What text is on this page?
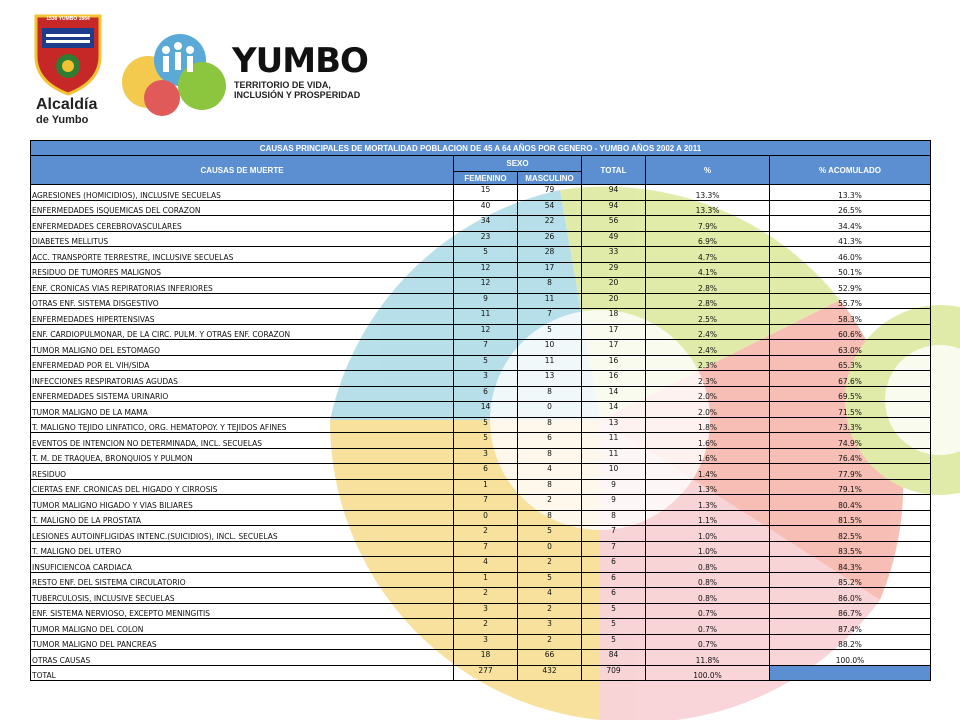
1536 YUMBO 1864
Alcaldía
de Yumbo
YUMBO
TERRITORIO DE VIDA,
INCLUSIÓN Y PROSPERIDAD
CAUSAS PRINCIPALES DE MORTALIDAD POBLACION DE 45 A 64 AÑOS POR GENERO - YUMBO AÑOS 2002 A 2011					
CAUSAS DE MUERTE	SEXO		TOTAL	%	% ACOMULADO
	FEMENINO	MASCULINO			
AGRESIONES (HOMICIDIOS), INCLUSIVE SECUELAS	15	79	94	13.3%	13.3%
ENFERMEDADES ISQUEMICAS DEL CORAZON	40	54	94	13.3%	26.5%
ENFERMEDADES CEREBROVASCULARES	34	22	56	7.9%	34.4%
DIABETES MELLITUS	23	26	49	6.9%	41.3%
ACC. TRANSPORTE TERRESTRE, INCLUSIVE SECUELAS	5	28	33	4.7%	46.0%
RESIDUO DE TUMORES MALIGNOS	12	17	29	4.1%	50.1%
ENF. CRONICAS VIAS REPIRATORIAS INFERIORES	12	8	20	2.8%	52.9%
OTRAS ENF. SISTEMA DISGESTIVO	9	11	20	2.8%	55.7%
ENFERMEDADES HIPERTENSIVAS	11	7	18	2.5%	58.3%
ENF. CARDIOPULMONAR, DE LA CIRC. PULM. Y OTRAS ENF. CORAZON	12	5	17	2.4%	60.6%
TUMOR MALIGNO DEL ESTOMAGO	7	10	17	2.4%	63.0%
ENFERMEDAD POR EL VIH/SIDA	5	11	16	2.3%	65.3%
INFECCIONES RESPIRATORIAS AGUDAS	3	13	16	2.3%	67.6%
ENFERMEDADES SISTEMA URINARIO	6	8	14	2.0%	69.5%
TUMOR MALIGNO DE LA MAMA	14	0	14	2.0%	71.5%
T. MALIGNO TEJIDO LINFATICO, ORG. HEMATOPOY. Y TEJIDOS AFINES	5	8	13	1.8%	73.3%
EVENTOS DE INTENCION NO DETERMINADA, INCL. SECUELAS	5	6	11	1.6%	74.9%
T. M. DE TRAQUEA, BRONQUIOS Y PULMON	3	8	11	1.6%	76.4%
RESIDUO	6	4	10	1.4%	77.9%
CIERTAS ENF. CRONICAS DEL HIGADO Y CIRROSIS	1	8	9	1.3%	79.1%
TUMOR MALIGNO HIGADO Y VIAS BILIARES	7	2	9	1.3%	80.4%
T. MALIGNO DE LA PROSTATA	0	8	8	1.1%	81.5%
LESIONES AUTOINFLIGIDAS INTENC.(SUICIDIOS), INCL. SECUELAS	2	5	7	1.0%	82.5%
T. MALIGNO DEL UTERO	7	0	7	1.0%	83.5%
INSUFICIENCOA CARDIACA	4	2	6	0.8%	84.3%
RESTO ENF. DEL SISTEMA CIRCULATORIO	1	5	6	0.8%	85.2%
TUBERCULOSIS, INCLUSIVE SECUELAS	2	4	6	0.8%	86.0%
ENF. SISTEMA NERVIOSO, EXCEPTO MENINGITIS	3	2	5	0.7%	86.7%
TUMOR MALIGNO DEL COLON	2	3	5	0.7%	87.4%
TUMOR MALIGNO DEL PANCREAS	3	2	5	0.7%	88.2%
OTRAS CAUSAS	18	66	84	11.8%	100.0%
TOTAL	277	432	709	100.0%	
